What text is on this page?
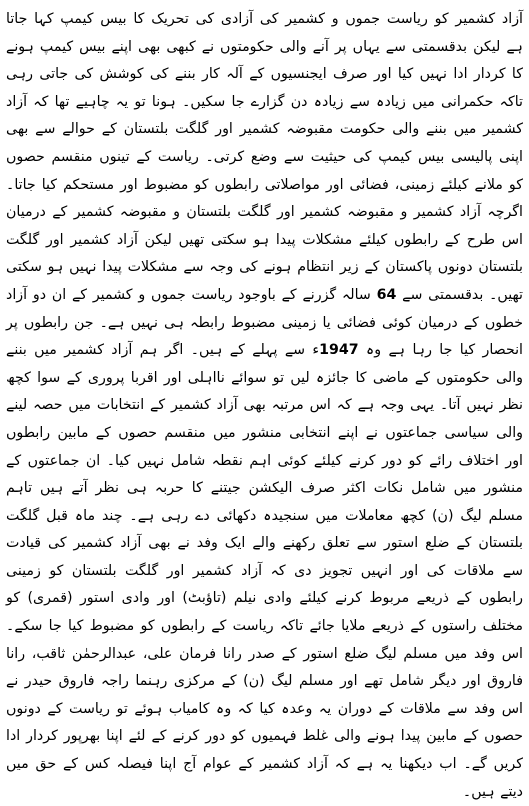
آزاد کشمیر کو ریاست جموں و کشمیر کی آزادی کی تحریک کا بیس کیمپ کہا جاتا ہے لیکن بدقسمتی سے یہاں پر آنے والی حکومتوں نے کبھی بھی اپنے بیس کیمپ ہونے کا کردار ادا نہیں کیا اور صرف ایجنسیوں کے آلہ کار بننے کی کوشش کی جاتی رہی تاکہ حکمرانی میں زیادہ سے زیادہ دن گزارے جا سکیں۔ ہونا تو یہ چاہیے تھا کہ آزاد کشمیر میں بننے والی حکومت مقبوضہ کشمیر اور گلگت بلتستان کے حوالے سے بھی اپنی پالیسی بیس کیمپ کی حیثیت سے وضع کرتی۔ ریاست کے تینوں منقسم حصوں کو ملانے کیلئے زمینی، فضائی اور مواصلاتی رابطوں کو مضبوط اور مستحکم کیا جاتا۔ اگرچہ آزاد کشمیر و مقبوضہ کشمیر اور گلگت بلتستان و مقبوضہ کشمیر کے درمیان اس طرح کے رابطوں کیلئے مشکلات پیدا ہو سکتی تھیں لیکن آزاد کشمیر اور گلگت بلتستان دونوں پاکستان کے زیر انتظام ہونے کی وجہ سے مشکلات پیدا نہیں ہو سکتی تھیں۔ بدقسمتی سے 64 سالہ گزرنے کے باوجود ریاست جموں و کشمیر کے ان دو آزاد خطوں کے درمیان کوئی فضائی یا زمینی مضبوط رابطہ ہی نہیں ہے۔ جن رابطوں پر انحصار کیا جا رہا ہے وہ 1947ء سے پہلے کے ہیں۔ اگر ہم آزاد کشمیر میں بننے والی حکومتوں کے ماضی کا جائزہ لیں تو سوائے نااہلی اور اقربا پروری کے سوا کچھ نظر نہیں آتا۔ یہی وجہ ہے کہ اس مرتبہ بھی آزاد کشمیر کے انتخابات میں حصہ لینے والی سیاسی جماعتوں نے اپنے انتخابی منشور میں منقسم حصوں کے مابین رابطوں اور اختلاف رائے کو دور کرنے کیلئے کوئی اہم نقطہ شامل نہیں کیا۔ ان جماعتوں کے منشور میں شامل نکات اکثر صرف الیکشن جیتنے کا حربہ ہی نظر آتے ہیں تاہم مسلم لیگ (ن) کچھ معاملات میں سنجیدہ دکھائی دے رہی ہے۔ چند ماہ قبل گلگت بلتستان کے ضلع استور سے تعلق رکھنے والے ایک وفد نے بھی آزاد کشمیر کی قیادت سے ملاقات کی اور انہیں تجویز دی کہ آزاد کشمیر اور گلگت بلتستان کو زمینی رابطوں کے ذریعے مربوط کرنے کیلئے وادی نیلم (تاؤبٹ) اور وادی استور (قمری) کو مختلف راستوں کے ذریعے ملایا جائے تاکہ ریاست کے رابطوں کو مضبوط کیا جا سکے۔ اس وفد میں مسلم لیگ ضلع استور کے صدر رانا فرمان علی، عبدالرحمٰن ثاقب، رانا فاروق اور دیگر شامل تھے اور مسلم لیگ (ن) کے مرکزی رہنما راجہ فاروق حیدر نے اس وفد سے ملاقات کے دوران یہ وعدہ کیا کہ وہ کامیاب ہوئے تو ریاست کے دونوں حصوں کے مابین پیدا ہونے والی غلط فہمیوں کو دور کرنے کے لئے اپنا بھرپور کردار ادا کریں گے۔ اب دیکھنا یہ ہے کہ آزاد کشمیر کے عوام آج اپنا فیصلہ کس کے حق میں دیتے ہیں۔
